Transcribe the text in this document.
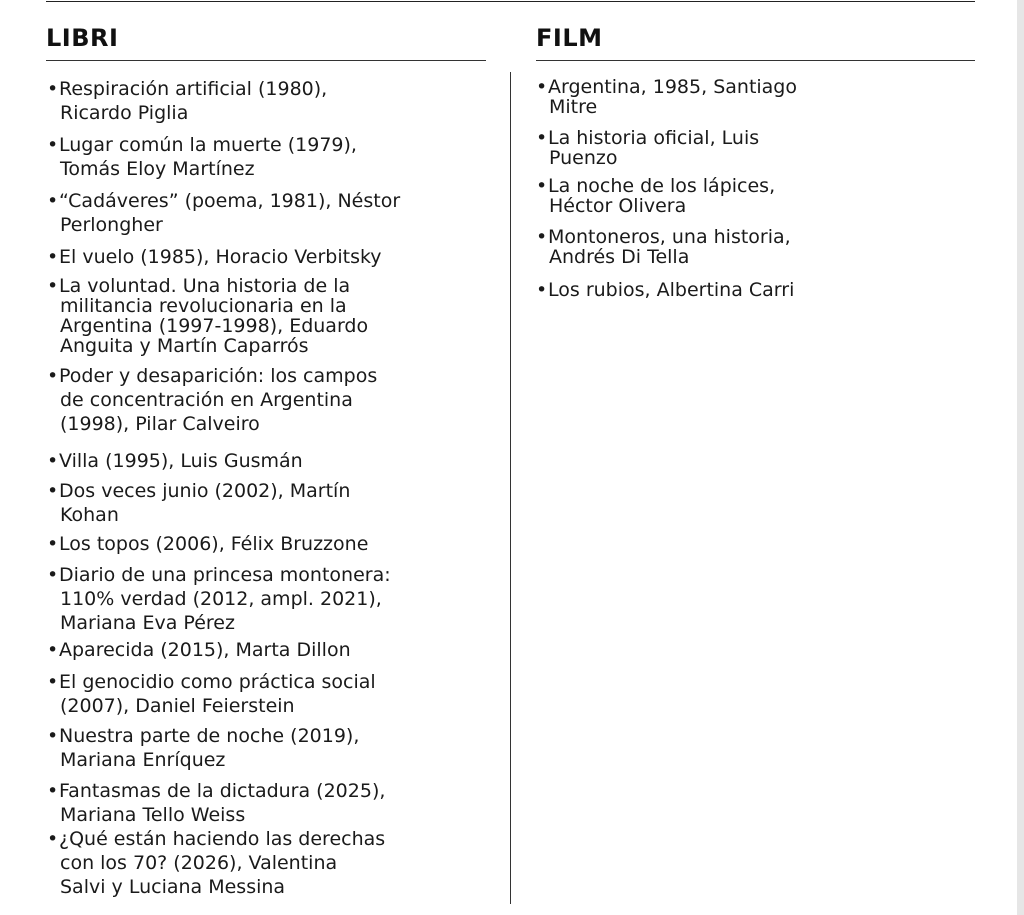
LIBRI
• Respiración artificial (1980),
Ricardo Piglia
• Lugar común la muerte (1979),
Tomás Eloy Martínez
• “Cadáveres” (poema, 1981), Néstor
Perlongher
• El vuelo (1985), Horacio Verbitsky
• La voluntad. Una historia de la
militancia revolucionaria en la
Argentina (1997-1998), Eduardo
Anguita y Martín Caparrós
• Poder y desaparición: los campos
de concentración en Argentina
(1998), Pilar Calveiro
• Villa (1995), Luis Gusmán
• Dos veces junio (2002), Martín
Kohan
• Los topos (2006), Félix Bruzzone
• Diario de una princesa montonera:
110% verdad (2012, ampl. 2021),
Mariana Eva Pérez
• Aparecida (2015), Marta Dillon
• El genocidio como práctica social
(2007), Daniel Feierstein
• Nuestra parte de noche (2019),
Mariana Enríquez
• Fantasmas de la dictadura (2025),
Mariana Tello Weiss
• ¿Qué están haciendo las derechas
con los 70? (2026), Valentina
Salvi y Luciana Messina
FILM
• Argentina, 1985, Santiago
Mitre
• La historia oficial, Luis
Puenzo
• La noche de los lápices,
Héctor Olivera
• Montoneros, una historia,
Andrés Di Tella
• Los rubios, Albertina Carri
